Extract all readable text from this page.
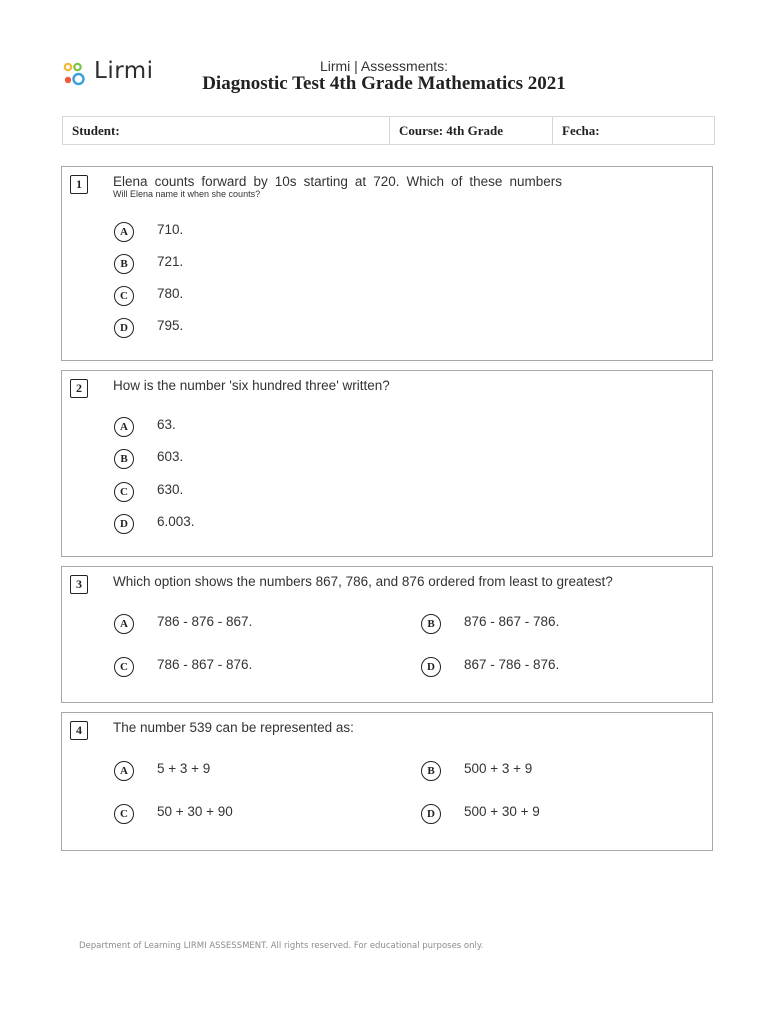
Lirmi	Lirmi | Assessments:
Diagnostic Test 4th Grade Mathematics 2021
Student:	Course: 4th Grade	Fecha:
1	Elena counts forward by 10s starting at 720. Which of these numbers
Will Elena name it when she counts?
A	710.
B	721.
C	780.
D	795.
2	How is the number 'six hundred three' written?
A	63.
B	603.
C	630.
D	6.003.
3	Which option shows the numbers 867, 786, and 876 ordered from least to greatest?
A	786 - 876 - 867.	B	876 - 867 - 786.
C	786 - 867 - 876.	D	867 - 786 - 876.
4	The number 539 can be represented as:
A	5 + 3 + 9	B	500 + 3 + 9
C	50 + 30 + 90	D	500 + 30 + 9
Department of Learning LIRMI ASSESSMENT. All rights reserved. For educational purposes only.
